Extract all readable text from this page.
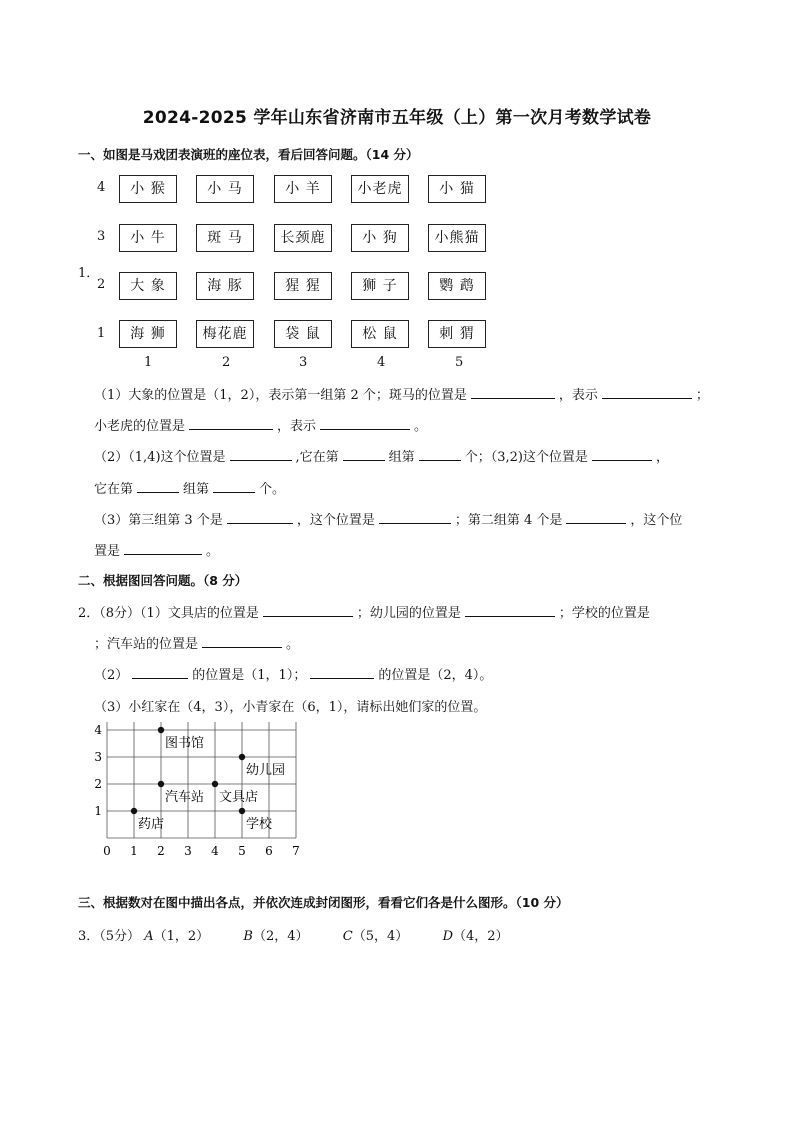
2024-2025 学年山东省济南市五年级（上）第一次月考数学试卷
一、如图是马戏团表演班的座位表，看后回答问题。（14 分）
1．
4	小 猴	小 马	小 羊	小老虎	小 猫
3	小 牛	斑 马	长颈鹿	小 狗	小熊猫
2	大 象	海 豚	猩 猩	狮 子	鹦 鹉
1	海 狮	梅花鹿	袋 鼠	松 鼠	刺 猬
1	2	3	4	5
（1）大象的位置是（1，2），表示第一组第 2 个；斑马的位置是	，表示	；
小老虎的位置是	，表示	。
（2）（1,4)这个位置是	,它在第	组第	个；（3,2)这个位置是	，
它在第	组第	个。
（3）第三组第 3 个是	，这个位置是	；第二组第 4 个是	，这个位
置是	。
二、根据图回答问题。（8 分）
2．（8分）（1）文具店的位置是	；幼儿园的位置是	；学校的位置是
；汽车站的位置是	。
（2）	的位置是（1，1）；	的位置是（2，4）。
（3）小红家在（4，3），小青家在（6，1），请标出她们家的位置。
0 1 2 3 4 5 6 7
1
2
3
4
图书馆
幼儿园
汽车站 文具店
药店	学校
三、根据数对在图中描出各点，并依次连成封闭图形，看看它们各是什么图形。（10 分）
3．（5分） A（1，2）	B（2，4）	C（5，4）	D（4，2）
